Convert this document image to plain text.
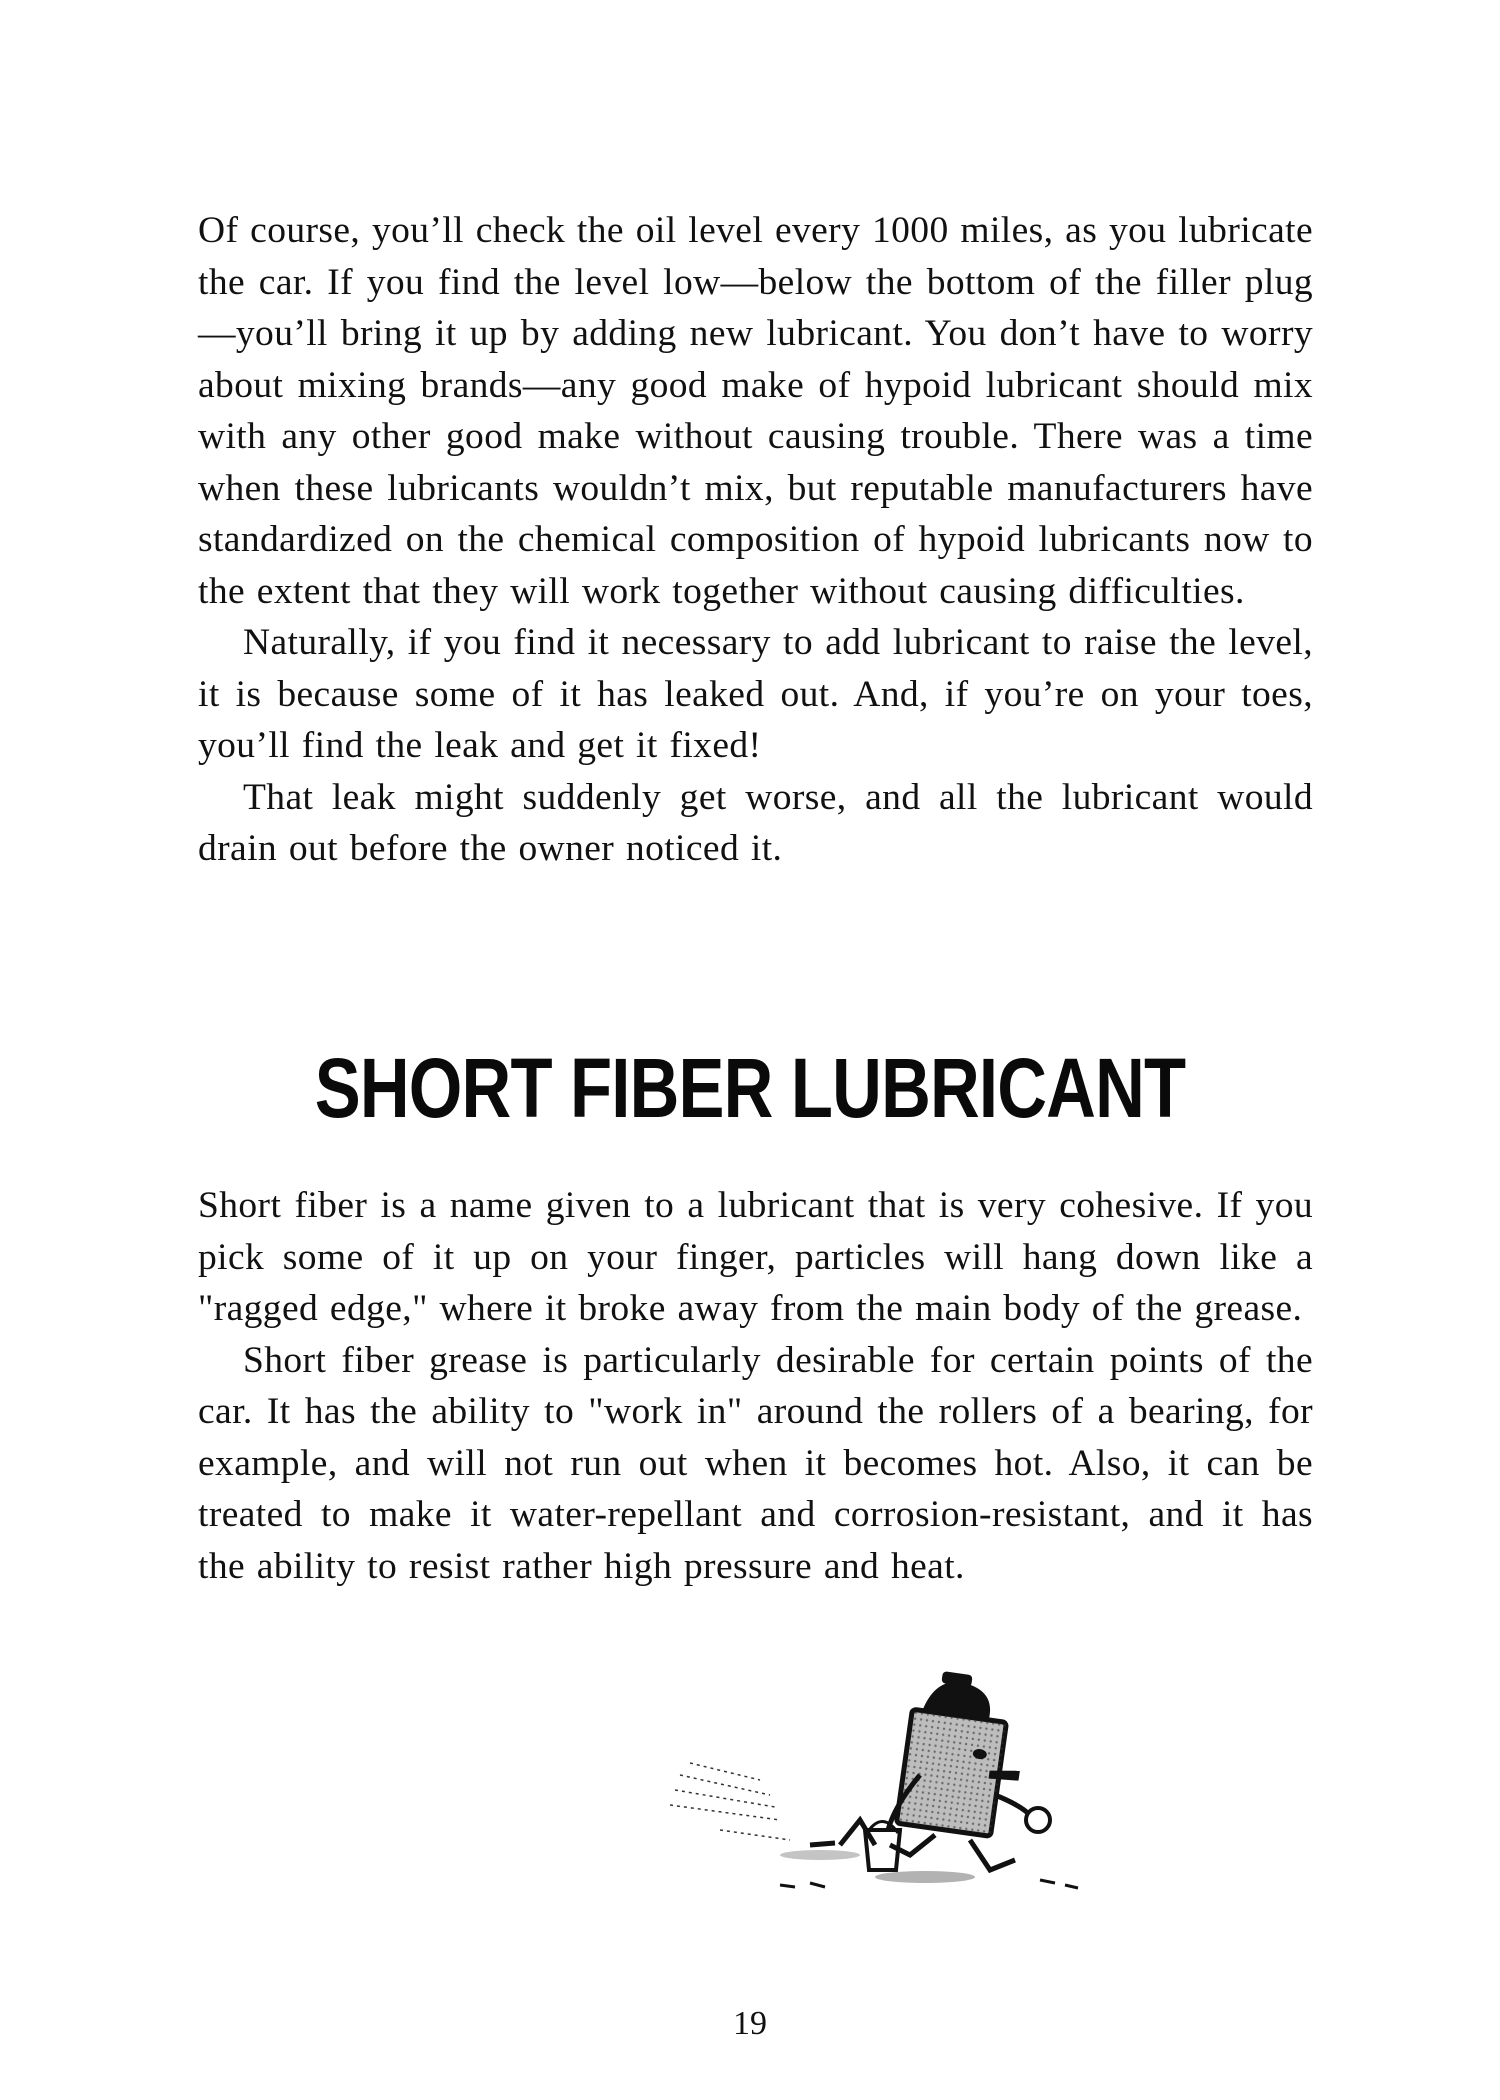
Of course, you’ll check the oil level every 1000 miles, as you lubricate the car. If you find the level low—below the bottom of the filler plug—you’ll bring it up by adding new lubricant. You don’t have to worry about mixing brands—any good make of hypoid lubricant should mix with any other good make without causing trouble. There was a time when these lubricants wouldn’t mix, but reputable manufacturers have standardized on the chemical composition of hypoid lubricants now to the extent that they will work together without causing difficulties.

Naturally, if you find it necessary to add lubricant to raise the level, it is because some of it has leaked out. And, if you’re on your toes, you’ll find the leak and get it fixed!

That leak might suddenly get worse, and all the lubricant would drain out before the owner noticed it.

SHORT FIBER LUBRICANT

Short fiber is a name given to a lubricant that is very cohesive. If you pick some of it up on your finger, particles will hang down like a "ragged edge," where it broke away from the main body of the grease.

Short fiber grease is particularly desirable for certain points of the car. It has the ability to "work in" around the rollers of a bearing, for example, and will not run out when it becomes hot. Also, it can be treated to make it water-repellant and corrosion-resistant, and it has the ability to resist rather high pressure and heat.

19
